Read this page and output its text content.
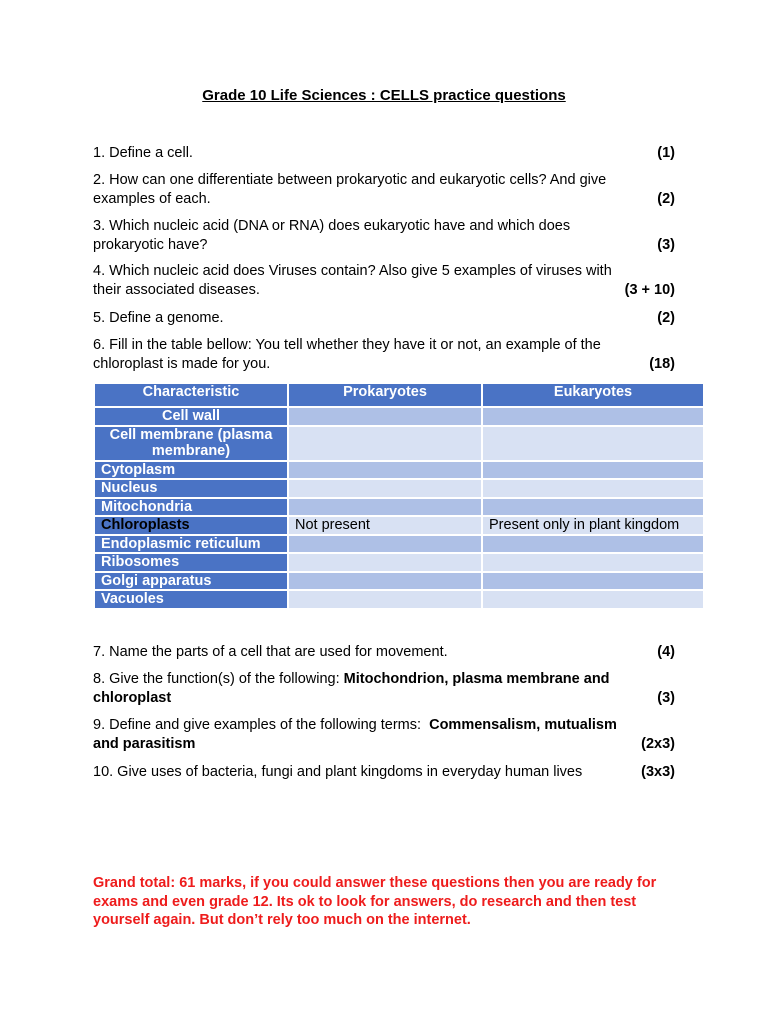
Grade 10 Life Sciences : CELLS practice questions
1. Define a cell.	(1)
2. How can one differentiate between prokaryotic and eukaryotic cells? And give
examples of each.	(2)
3. Which nucleic acid (DNA or RNA) does eukaryotic have and which does
prokaryotic have?	(3)
4. Which nucleic acid does Viruses contain? Also give 5 examples of viruses with
their associated diseases.	(3 + 10)
5. Define a genome.	(2)
6. Fill in the table bellow: You tell whether they have it or not, an example of the
chloroplast is made for you.	(18)
Characteristic	Prokaryotes	Eukaryotes
Cell wall		
Cell membrane (plasma membrane)		
Cytoplasm		
Nucleus		
Mitochondria		
Chloroplasts	Not present	Present only in plant kingdom
Endoplasmic reticulum		
Ribosomes		
Golgi apparatus		
Vacuoles		
7. Name the parts of a cell that are used for movement.	(4)
8. Give the function(s) of the following: Mitochondrion, plasma membrane and
chloroplast	(3)
9. Define and give examples of the following terms:  Commensalism, mutualism
and parasitism	(2x3)
10. Give uses of bacteria, fungi and plant kingdoms in everyday human lives	(3x3)
Grand total: 61 marks, if you could answer these questions then you are ready for exams and even grade 12. Its ok to look for answers, do research and then test yourself again. But don’t rely too much on the internet.
